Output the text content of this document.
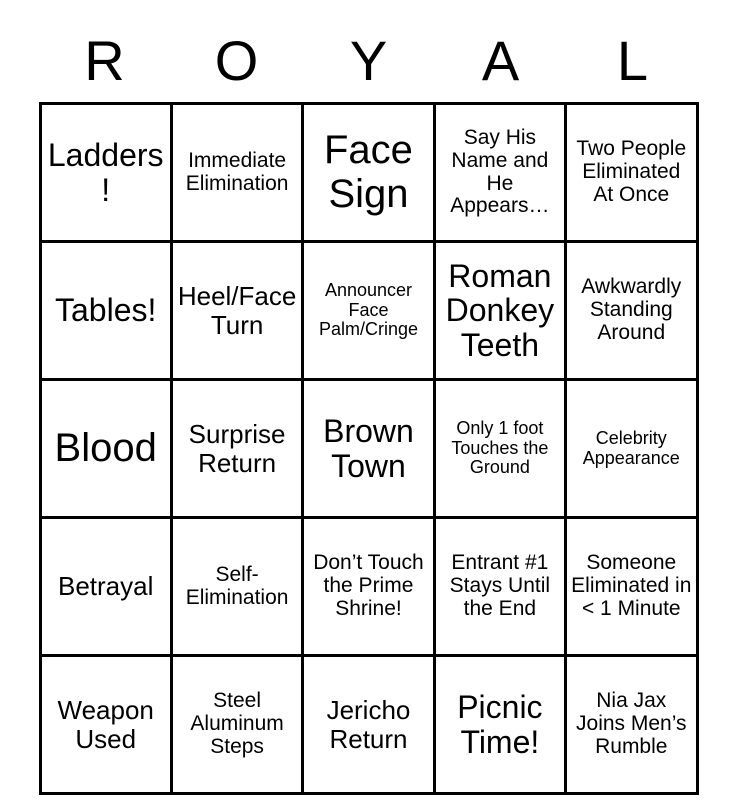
R	O	Y	A	L
Ladders!	Immediate Elimination	Face Sign	Say His Name and He Appears…	Two People Eliminated At Once

Tables!	Heel/Face Turn	Announcer Face Palm/Cringe	Roman Donkey Teeth	Awkwardly Standing Around

Blood	Surprise Return	Brown Town	Only 1 foot Touches the Ground	Celebrity Appearance

Betrayal	Self-Elimination	Don’t Touch the Prime Shrine!	Entrant #1 Stays Until the End	Someone Eliminated in < 1 Minute

Weapon Used	Steel Aluminum Steps	Jericho Return	Picnic Time!	Nia Jax Joins Men’s Rumble
